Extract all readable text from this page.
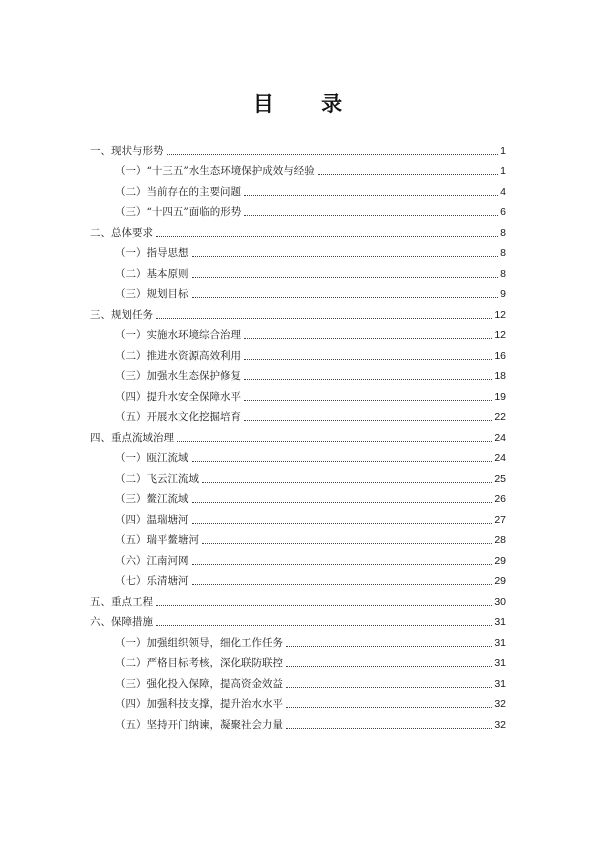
目 录
一、现状与形势	1
（一）“十三五”水生态环境保护成效与经验	1
（二）当前存在的主要问题	4
（三）“十四五”面临的形势	6
二、总体要求	8
（一）指导思想	8
（二）基本原则	8
（三）规划目标	9
三、规划任务	12
（一）实施水环境综合治理	12
（二）推进水资源高效利用	16
（三）加强水生态保护修复	18
（四）提升水安全保障水平	19
（五）开展水文化挖掘培育	22
四、重点流域治理	24
（一）瓯江流域	24
（二）飞云江流域	25
（三）鳌江流域	26
（四）温瑞塘河	27
（五）瑞平鳌塘河	28
（六）江南河网	29
（七）乐清塘河	29
五、重点工程	30
六、保障措施	31
（一）加强组织领导，细化工作任务	31
（二）严格目标考核，深化联防联控	31
（三）强化投入保障，提高资金效益	31
（四）加强科技支撑，提升治水水平	32
（五）坚持开门纳谏，凝聚社会力量	32
